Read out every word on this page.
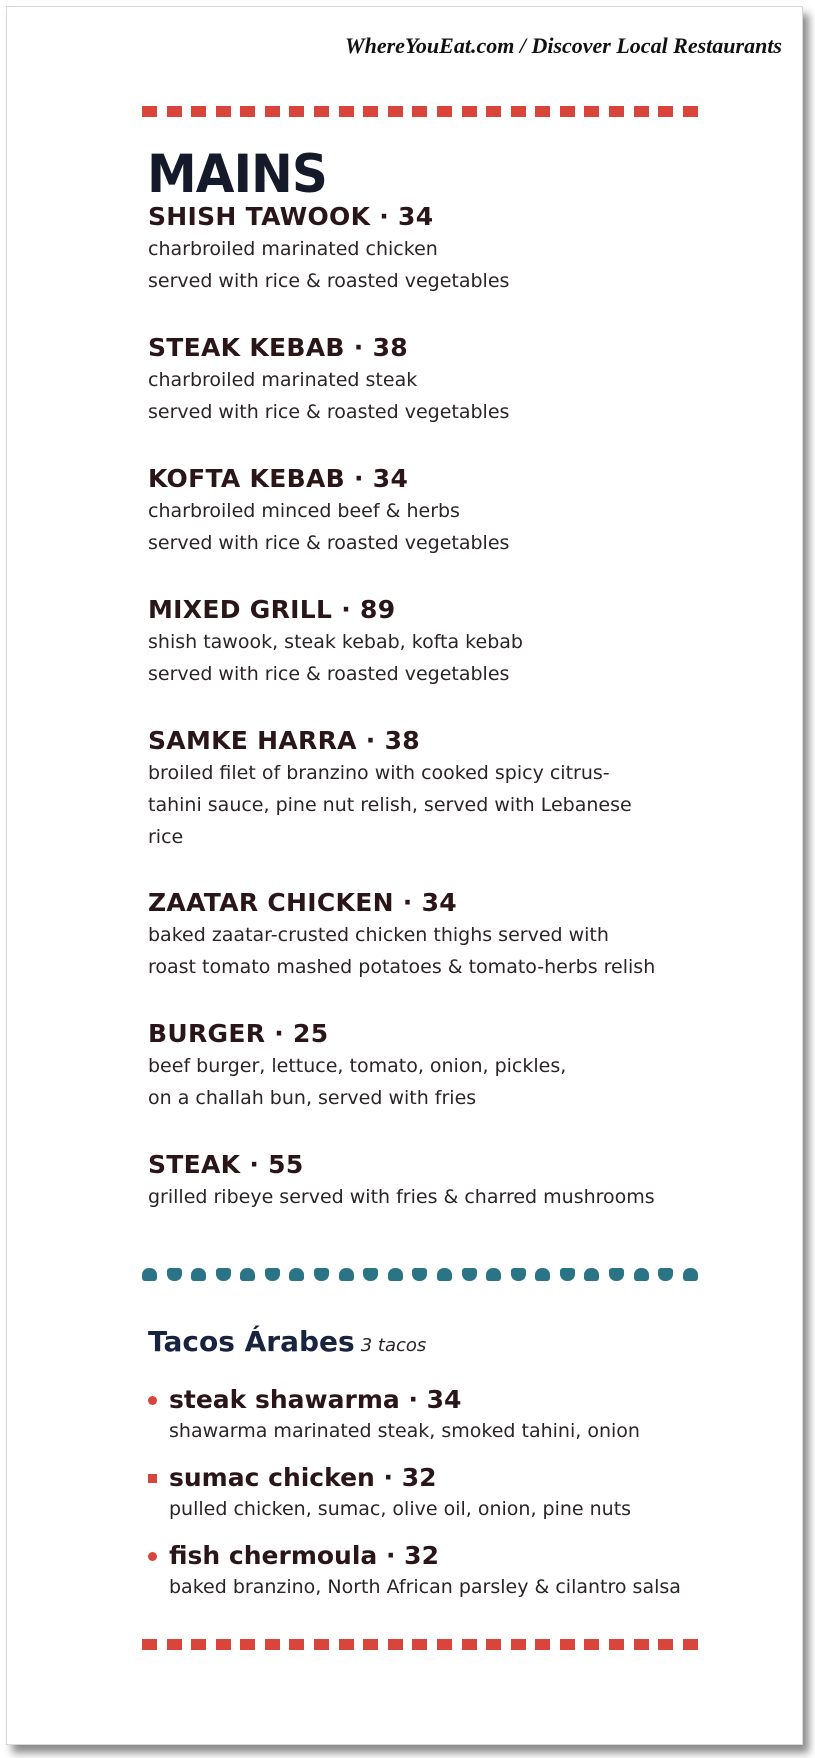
WhereYouEat.com / Discover Local Restaurants
MAINS
SHISH TAWOOK · 34
charbroiled marinated chicken
served with rice & roasted vegetables
STEAK KEBAB · 38
charbroiled marinated steak
served with rice & roasted vegetables
KOFTA KEBAB · 34
charbroiled minced beef & herbs
served with rice & roasted vegetables
MIXED GRILL · 89
shish tawook, steak kebab, kofta kebab
served with rice & roasted vegetables
SAMKE HARRA · 38
broiled filet of branzino with cooked spicy citrus-
tahini sauce, pine nut relish, served with Lebanese
rice
ZAATAR CHICKEN · 34
baked zaatar-crusted chicken thighs served with
roast tomato mashed potatoes & tomato-herbs relish
BURGER · 25
beef burger, lettuce, tomato, onion, pickles,
on a challah bun, served with fries
STEAK · 55
grilled ribeye served with fries & charred mushrooms
Tacos Árabes 3 tacos
steak shawarma · 34
shawarma marinated steak, smoked tahini, onion
sumac chicken · 32
pulled chicken, sumac, olive oil, onion, pine nuts
fish chermoula · 32
baked branzino, North African parsley & cilantro salsa
